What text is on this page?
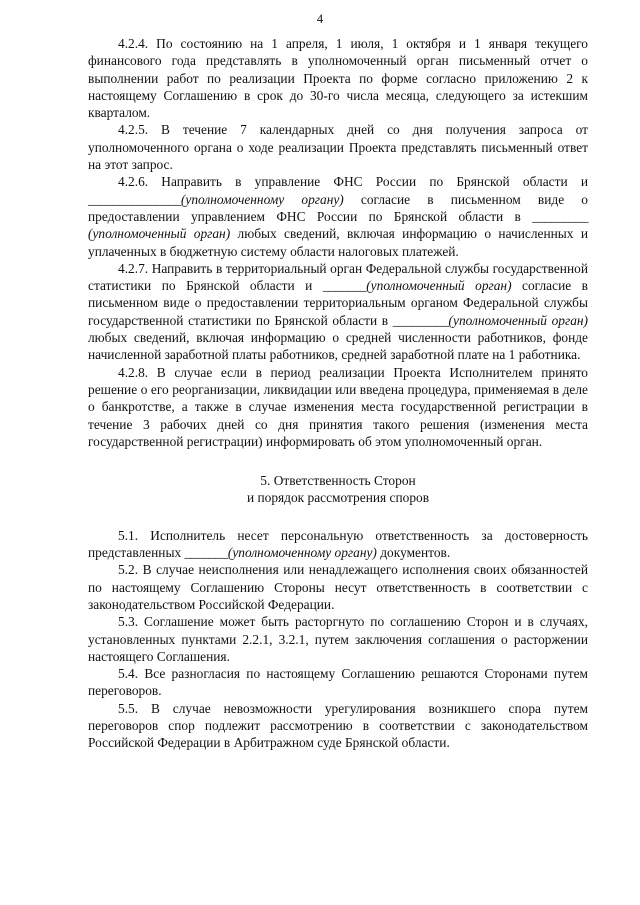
4

4.2.4. По состоянию на 1 апреля, 1 июля, 1 октября и 1 января текущего финансового года представлять в уполномоченный орган письменный отчет о выполнении работ по реализации Проекта по форме согласно приложению 2 к настоящему Соглашению в срок до 30-го числа месяца, следующего за истекшим кварталом.

4.2.5. В течение 7 календарных дней со дня получения запроса от уполномоченного органа о ходе реализации Проекта представлять письменный ответ на этот запрос.

4.2.6. Направить в управление ФНС России по Брянской области и _______________(уполномоченному органу) согласие в письменном виде о предоставлении управлением ФНС России по Брянской области в _________ (уполномоченный орган) любых сведений, включая информацию о начисленных и уплаченных в бюджетную систему области налоговых платежей.

4.2.7. Направить в территориальный орган Федеральной службы государственной статистики по Брянской области и _______(уполномоченный орган) согласие в письменном виде о предоставлении территориальным органом Федеральной службы государственной статистики по Брянской области в _________(уполномоченный орган) любых сведений, включая информацию о средней численности работников, фонде начисленной заработной платы работников, средней заработной плате на 1 работника.

4.2.8. В случае если в период реализации Проекта Исполнителем принято решение о его реорганизации, ликвидации или введена процедура, применяемая в деле о банкротстве, а также в случае изменения места государственной регистрации в течение 3 рабочих дней со дня принятия такого решения (изменения места государственной регистрации) информировать об этом уполномоченный орган.

5. Ответственность Сторон
и порядок рассмотрения споров

5.1. Исполнитель несет персональную ответственность за достоверность представленных _______(уполномоченному органу) документов.

5.2. В случае неисполнения или ненадлежащего исполнения своих обязанностей по настоящему Соглашению Стороны несут ответственность в соответствии с законодательством Российской Федерации.

5.3. Соглашение может быть расторгнуто по соглашению Сторон и в случаях, установленных пунктами 2.2.1, 3.2.1, путем заключения соглашения о расторжении настоящего Соглашения.

5.4. Все разногласия по настоящему Соглашению решаются Сторонами путем переговоров.

5.5. В случае невозможности урегулирования возникшего спора путем переговоров спор подлежит рассмотрению в соответствии с законодательством Российской Федерации в Арбитражном суде Брянской области.
